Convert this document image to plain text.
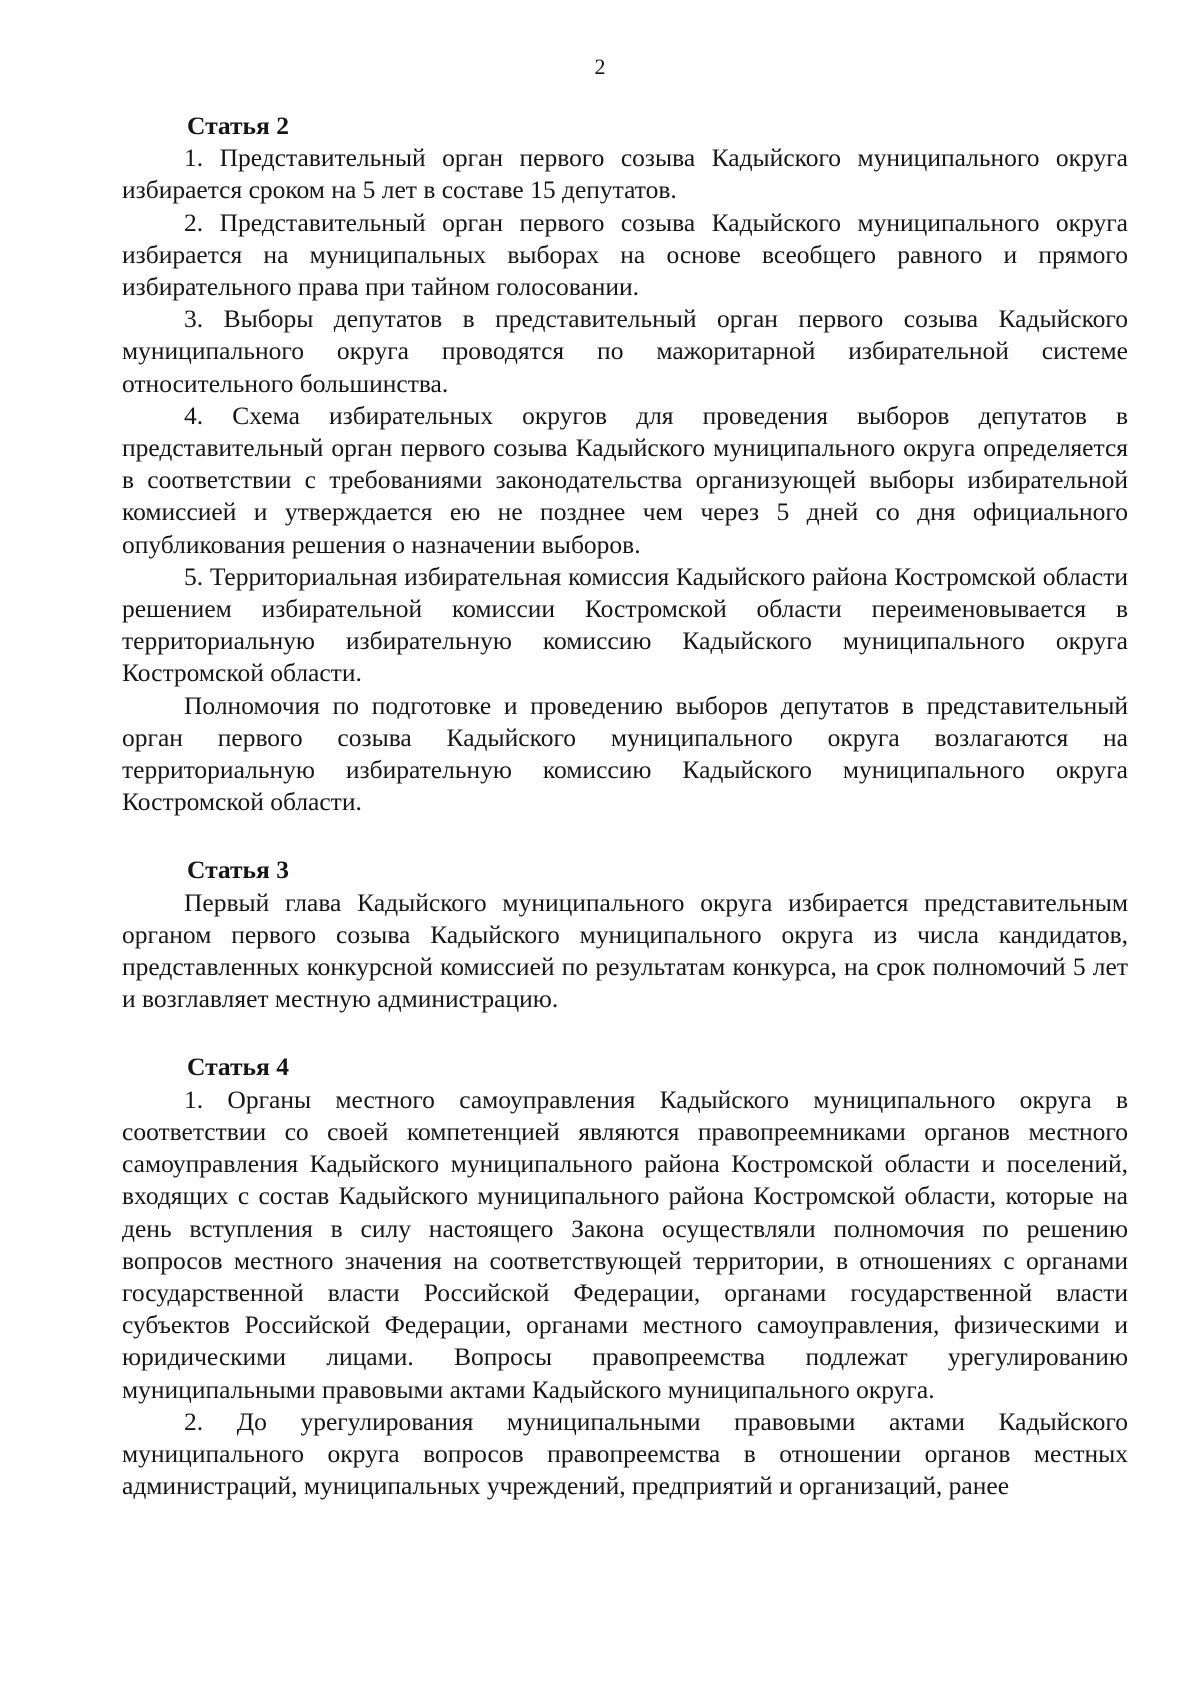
2
Статья 2

1. Представительный орган первого созыва Кадыйского муниципального округа избирается сроком на 5 лет в составе 15 депутатов.

2. Представительный орган первого созыва Кадыйского муниципального округа избирается на муниципальных выборах на основе всеобщего равного и прямого избирательного права при тайном голосовании.

3. Выборы депутатов в представительный орган первого созыва Кадыйского муниципального округа проводятся по мажоритарной избирательной системе относительного большинства.

4. Схема избирательных округов для проведения выборов депутатов в представительный орган первого созыва Кадыйского муниципального округа определяется в соответствии с требованиями законодательства организующей выборы избирательной комиссией и утверждается ею не позднее чем через 5 дней со дня официального опубликования решения о назначении выборов.

5. Территориальная избирательная комиссия Кадыйского района Костромской области решением избирательной комиссии Костромской области переименовывается в территориальную избирательную комиссию Кадыйского муниципального округа Костромской области.

Полномочия по подготовке и проведению выборов депутатов в представительный орган первого созыва Кадыйского муниципального округа возлагаются на территориальную избирательную комиссию Кадыйского муниципального округа Костромской области.

Статья 3

Первый глава Кадыйского муниципального округа избирается представительным органом первого созыва Кадыйского муниципального округа из числа кандидатов, представленных конкурсной комиссией по результатам конкурса, на срок полномочий 5 лет и возглавляет местную администрацию.

Статья 4

1. Органы местного самоуправления Кадыйского муниципального округа в соответствии со своей компетенцией являются правопреемниками органов местного самоуправления Кадыйского муниципального района Костромской области и поселений, входящих с состав Кадыйского муниципального района Костромской области, которые на день вступления в силу настоящего Закона осуществляли полномочия по решению вопросов местного значения на соответствующей территории, в отношениях с органами государственной власти Российской Федерации, органами государственной власти субъектов Российской Федерации, органами местного самоуправления, физическими и юридическими лицами. Вопросы правопреемства подлежат урегулированию муниципальными правовыми актами Кадыйского муниципального округа.

2. До урегулирования муниципальными правовыми актами Кадыйского муниципального округа вопросов правопреемства в отношении органов местных администраций, муниципальных учреждений, предприятий и организаций, ранее
